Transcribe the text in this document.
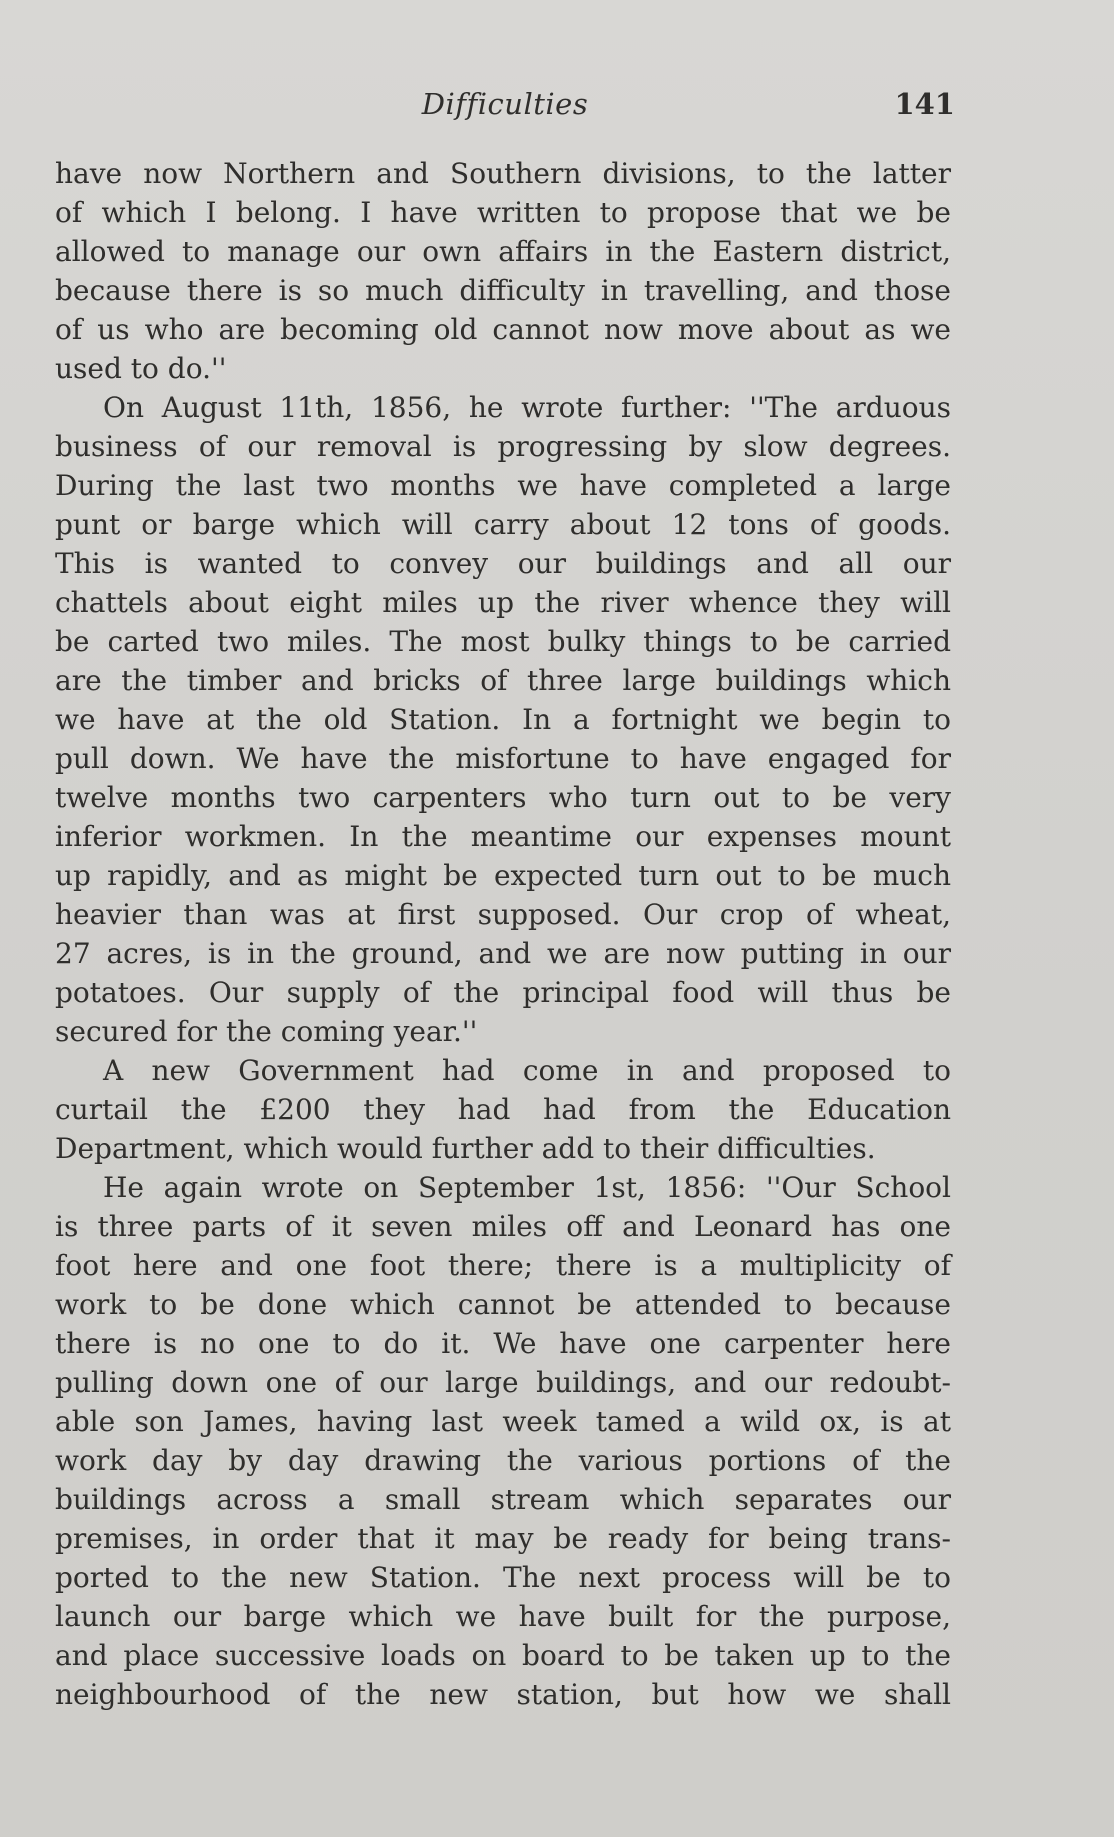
Difficulties	141
have now Northern and Southern divisions, to the latter
of which I belong. I have written to propose that we be
allowed to manage our own affairs in the Eastern district,
because there is so much difficulty in travelling, and those
of us who are becoming old cannot now move about as we
used to do.''
On August 11th, 1856, he wrote further: ''The arduous
business of our removal is progressing by slow degrees.
During the last two months we have completed a large
punt or barge which will carry about 12 tons of goods.
This is wanted to convey our buildings and all our
chattels about eight miles up the river whence they will
be carted two miles. The most bulky things to be carried
are the timber and bricks of three large buildings which
we have at the old Station. In a fortnight we begin to
pull down. We have the misfortune to have engaged for
twelve months two carpenters who turn out to be very
inferior workmen. In the meantime our expenses mount
up rapidly, and as might be expected turn out to be much
heavier than was at first supposed. Our crop of wheat,
27 acres, is in the ground, and we are now putting in our
potatoes. Our supply of the principal food will thus be
secured for the coming year.''
A new Government had come in and proposed to
curtail the £200 they had had from the Education
Department, which would further add to their difficulties.
He again wrote on September 1st, 1856: ''Our School
is three parts of it seven miles off and Leonard has one
foot here and one foot there; there is a multiplicity of
work to be done which cannot be attended to because
there is no one to do it. We have one carpenter here
pulling down one of our large buildings, and our redoubt-
able son James, having last week tamed a wild ox, is at
work day by day drawing the various portions of the
buildings across a small stream which separates our
premises, in order that it may be ready for being trans-
ported to the new Station. The next process will be to
launch our barge which we have built for the purpose,
and place successive loads on board to be taken up to the
neighbourhood of the new station, but how we shall
